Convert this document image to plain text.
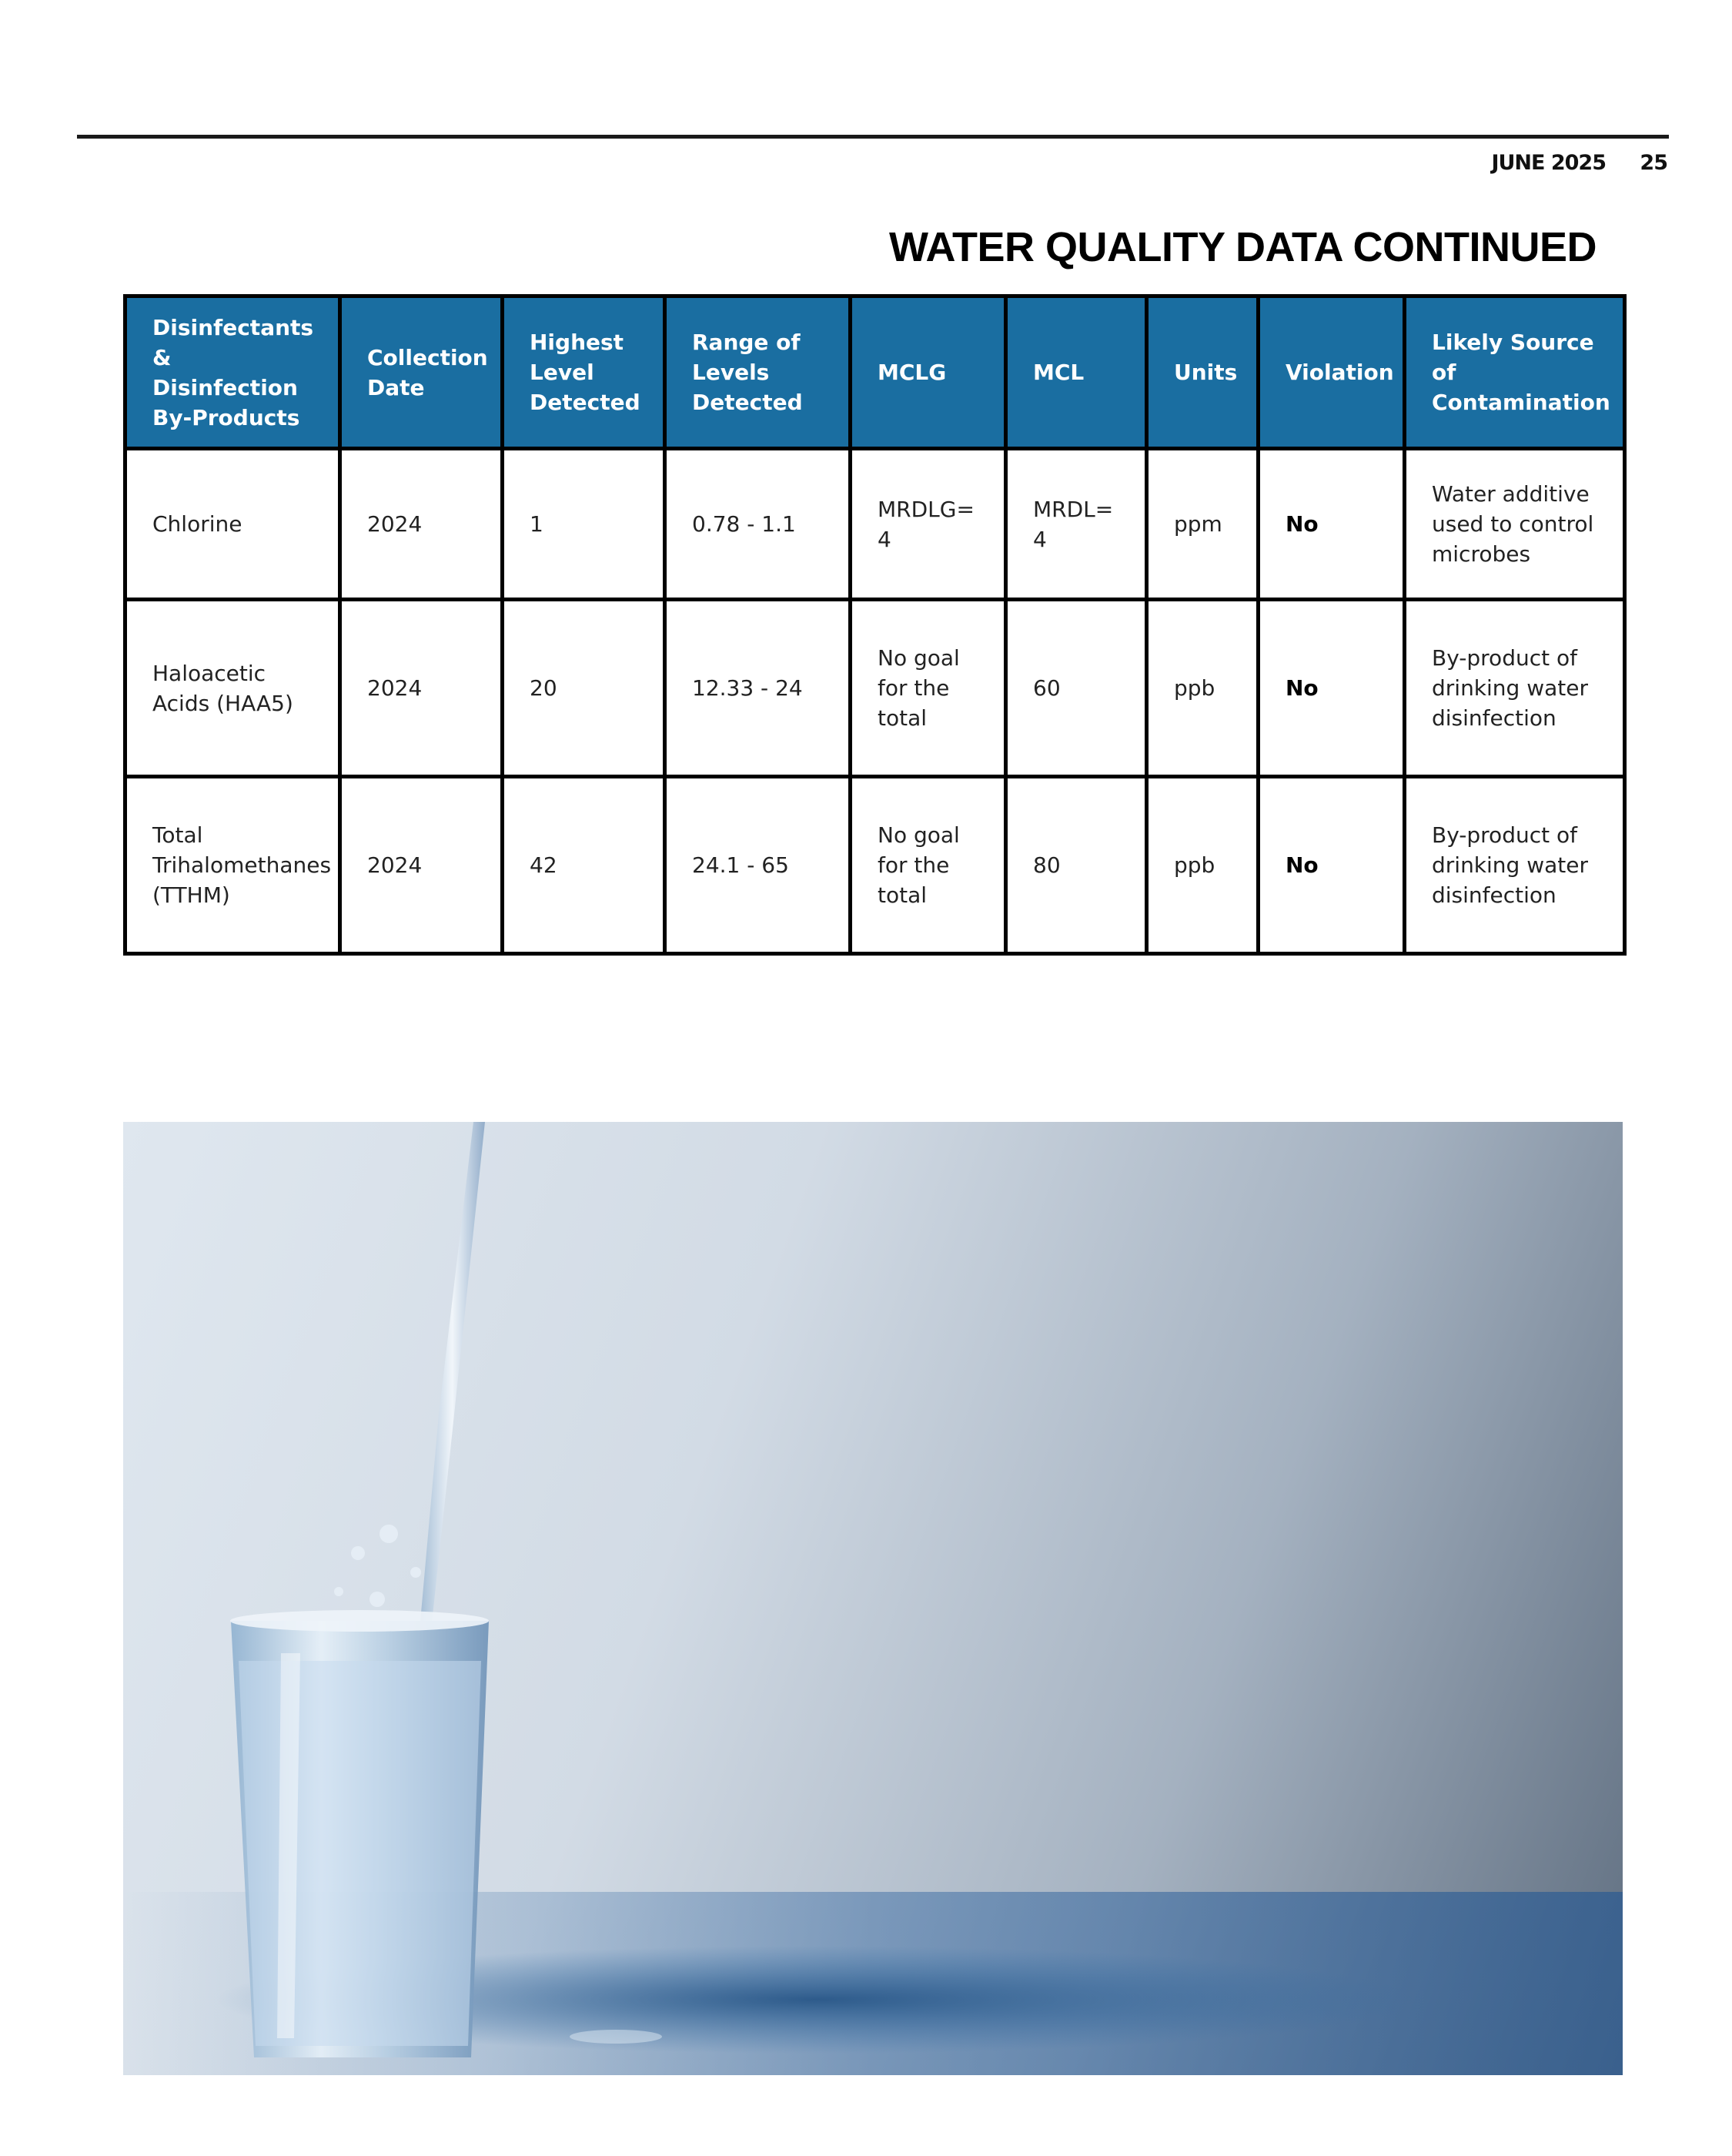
JUNE 2025 25
WATER QUALITY DATA CONTINUED
Disinfectants & Disinfection By-Products	Collection Date	Highest Level Detected	Range of Levels Detected	MCLG	MCL	Units	Violation	Likely Source of Contamination
Chlorine	2024	1	0.78 - 1.1	MRDLG= 4	MRDL= 4	ppm	No	Water additive used to control microbes
Haloacetic Acids (HAA5)	2024	20	12.33 - 24	No goal for the total	60	ppb	No	By-product of drinking water disinfection
Total Trihalomethanes (TTHM)	2024	42	24.1 - 65	No goal for the total	80	ppb	No	By-product of drinking water disinfection
